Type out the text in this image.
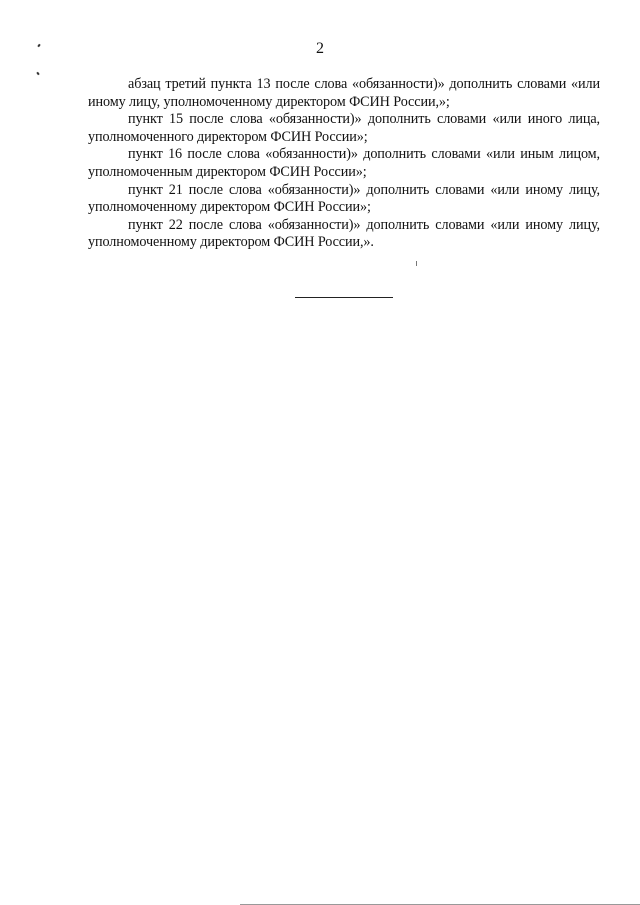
2

абзац третий пункта 13 после слова «обязанности)» дополнить словами «или иному лицу, уполномоченному директором ФСИН России,»;

пункт 15 после слова «обязанности)» дополнить словами «или иного лица, уполномоченного директором ФСИН России»;

пункт 16 после слова «обязанности)» дополнить словами «или иным лицом, уполномоченным директором ФСИН России»;

пункт 21 после слова «обязанности)» дополнить словами «или иному лицу, уполномоченному директором ФСИН России»;

пункт 22 после слова «обязанности)» дополнить словами «или иному лицу, уполномоченному директором ФСИН России,».
